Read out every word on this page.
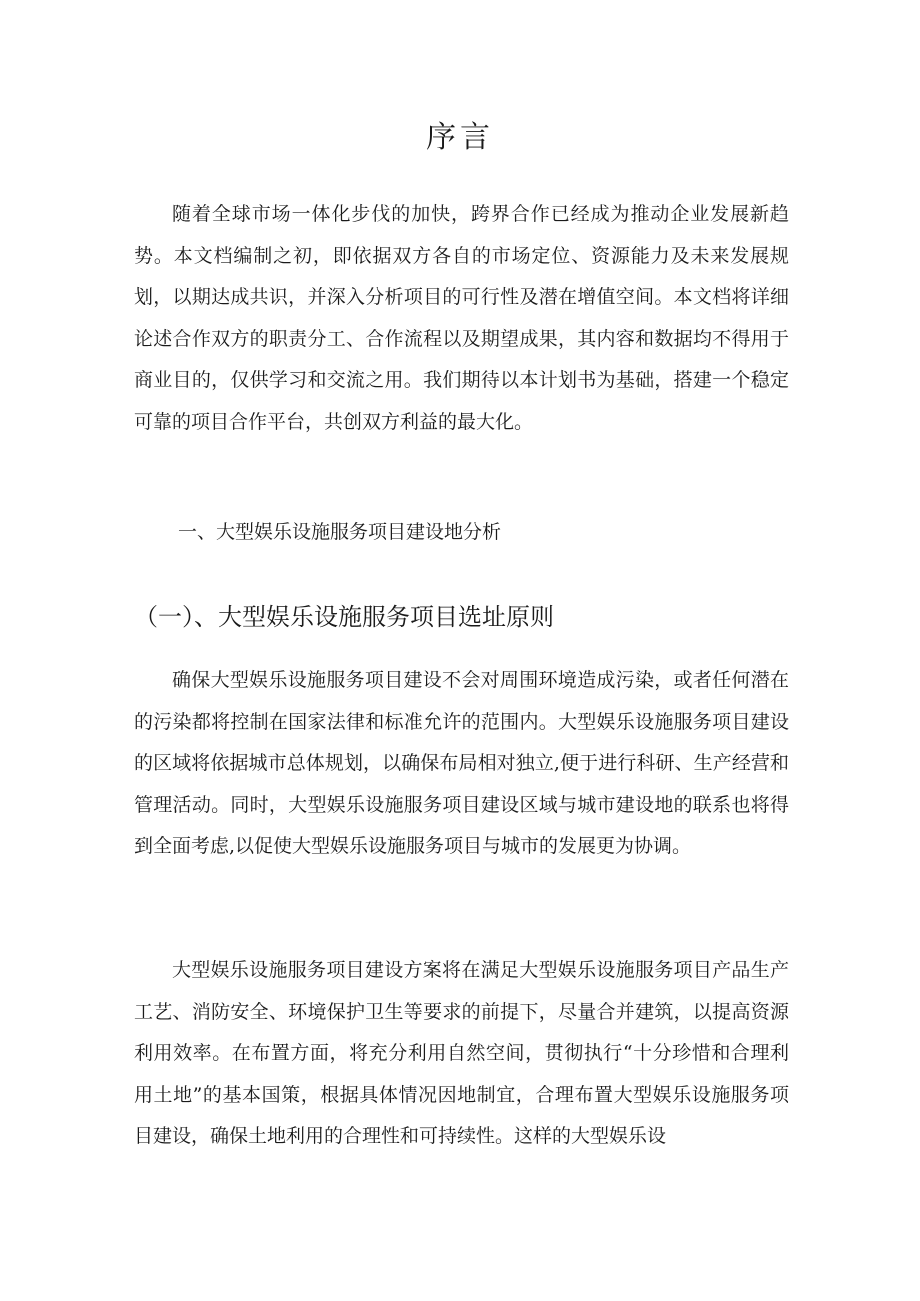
序言

随着全球市场一体化步伐的加快，跨界合作已经成为推动企业发展新趋势。本文档编制之初，即依据双方各自的市场定位、资源能力及未来发展规划，以期达成共识，并深入分析项目的可行性及潜在增值空间。本文档将详细论述合作双方的职责分工、合作流程以及期望成果，其内容和数据均不得用于商业目的，仅供学习和交流之用。我们期待以本计划书为基础，搭建一个稳定可靠的项目合作平台，共创双方利益的最大化。

一、大型娱乐设施服务项目建设地分析
（一）、大型娱乐设施服务项目选址原则

确保大型娱乐设施服务项目建设不会对周围环境造成污染，或者任何潜在的污染都将控制在国家法律和标准允许的范围内。大型娱乐设施服务项目建设的区域将依据城市总体规划，以确保布局相对独立,便于进行科研、生产经营和管理活动。同时，大型娱乐设施服务项目建设区域与城市建设地的联系也将得到全面考虑,以促使大型娱乐设施服务项目与城市的发展更为协调。

大型娱乐设施服务项目建设方案将在满足大型娱乐设施服务项目产品生产工艺、消防安全、环境保护卫生等要求的前提下，尽量合并建筑，以提高资源利用效率。在布置方面，将充分利用自然空间，贯彻执行“十分珍惜和合理利用土地”的基本国策，根据具体情况因地制宜，合理布置大型娱乐设施服务项目建设，确保土地利用的合理性和可持续性。这样的大型娱乐设
